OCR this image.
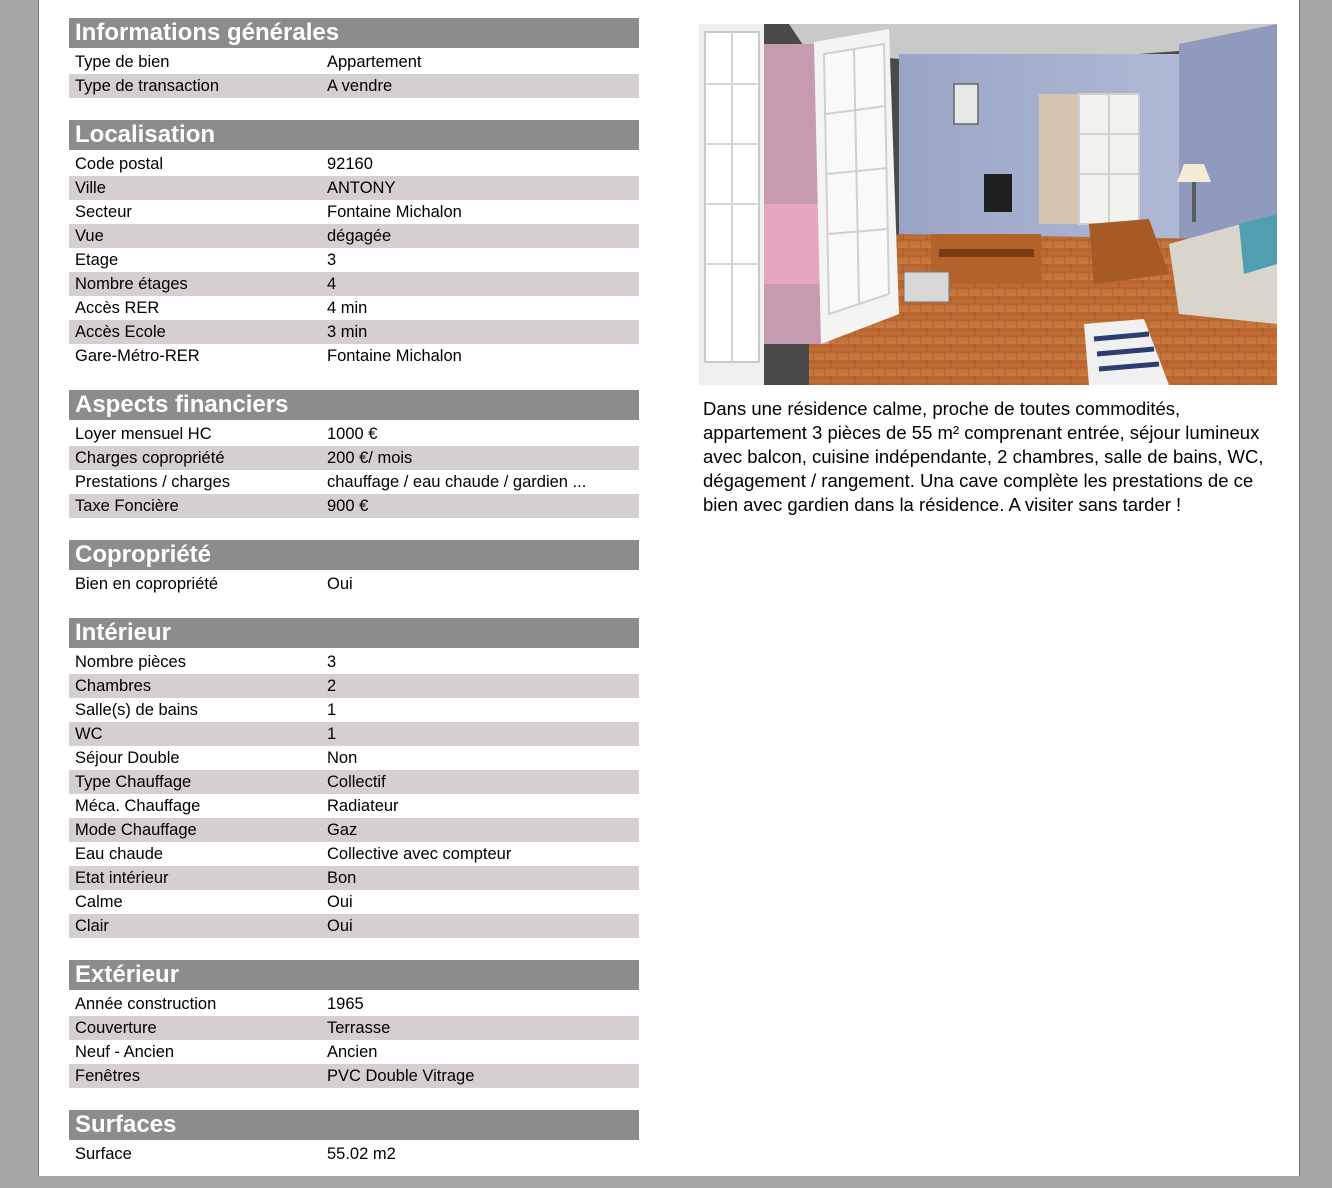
Informations générales
Type de bien	Appartement
Type de transaction	A vendre
Localisation
Code postal	92160
Ville	ANTONY
Secteur	Fontaine Michalon
Vue	dégagée
Etage	3
Nombre étages	4
Accès RER	4 min
Accès Ecole	3 min
Gare-Métro-RER	Fontaine Michalon
Aspects financiers
Loyer mensuel HC	1000 €
Charges copropriété	200 €/ mois
Prestations / charges	chauffage / eau chaude / gardien ...
Taxe Foncière	900 €
Copropriété
Bien en copropriété	Oui
Intérieur
Nombre pièces	3
Chambres	2
Salle(s) de bains	1
WC	1
Séjour Double	Non
Type Chauffage	Collectif
Méca. Chauffage	Radiateur
Mode Chauffage	Gaz
Eau chaude	Collective avec compteur
Etat intérieur	Bon
Calme	Oui
Clair	Oui
Extérieur
Année construction	1965
Couverture	Terrasse
Neuf - Ancien	Ancien
Fenêtres	PVC Double Vitrage
Surfaces
Surface	55.02 m2
Dans une résidence calme, proche de toutes commodités, appartement 3 pièces de 55 m² comprenant entrée, séjour lumineux avec balcon, cuisine indépendante, 2 chambres, salle de bains, WC, dégagement / rangement. Una cave complète les prestations de ce bien avec gardien dans la résidence. A visiter sans tarder !
